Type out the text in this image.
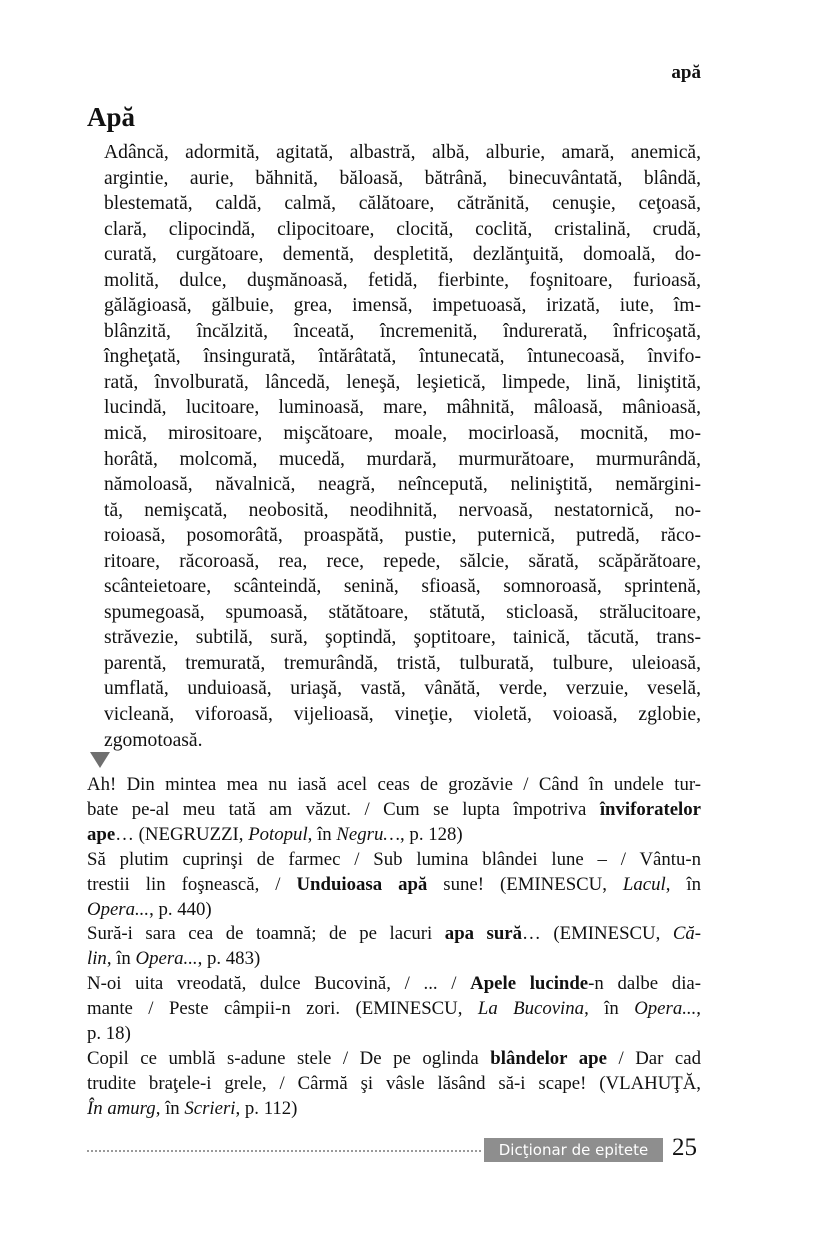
apă
Apă
Adâncă, adormită, agitată, albastră, albă, alburie, amară, anemică,
argintie, aurie, băhnită, băloasă, bătrână, binecuvântată, blândă,
blestemată, caldă, calmă, călătoare, cătrănită, cenuşie, ceţoasă,
clară, clipocindă, clipocitoare, clocită, coclită, cristalină, crudă,
curată, curgătoare, dementă, despletită, dezlănţuită, domoală, do-
molită, dulce, duşmănoasă, fetidă, fierbinte, foşnitoare, furioasă,
gălăgioasă, gălbuie, grea, imensă, impetuoasă, irizată, iute, îm-
blânzită, încălzită, înceată, încremenită, îndurerată, înfricoşată,
îngheţată, însingurată, întărâtată, întunecată, întunecoasă, învifo-
rată, învolburată, lâncedă, leneşă, leşietică, limpede, lină, liniştită,
lucindă, lucitoare, luminoasă, mare, mâhnită, mâloasă, mânioasă,
mică, mirositoare, mişcătoare, moale, mocirloasă, mocnită, mo-
horâtă, molcomă, mucedă, murdară, murmurătoare, murmurândă,
nămoloasă, năvalnică, neagră, neîncepută, neliniştită, nemărgini-
tă, nemişcată, neobosită, neodihnită, nervoasă, nestatornică, no-
roioasă, posomorâtă, proaspătă, pustie, puternică, putredă, răco-
ritoare, răcoroasă, rea, rece, repede, sălcie, sărată, scăpărătoare,
scânteietoare, scânteindă, senină, sfioasă, somnoroasă, sprintenă,
spumegoasă, spumoasă, stătătoare, stătută, sticloasă, strălucitoare,
străvezie, subtilă, sură, şoptindă, şoptitoare, tainică, tăcută, trans-
parentă, tremurată, tremurândă, tristă, tulburată, tulbure, uleioasă,
umflată, unduioasă, uriaşă, vastă, vânătă, verde, verzuie, veselă,
vicleană, viforoasă, vijelioasă, vineţie, violetă, voioasă, zglobie,
zgomotoasă.
Ah! Din mintea mea nu iasă acel ceas de grozăvie / Când în undele tur-
bate pe-al meu tată am văzut. / Cum se lupta împotriva înviforatelor
ape… (NEGRUZZI, Potopul, în Negru…, p. 128)
Să plutim cuprinşi de farmec / Sub lumina blândei lune – / Vântu-n
trestii lin foşnească, / Unduioasa apă sune! (EMINESCU, Lacul, în
Opera..., p. 440)
Sură-i sara cea de toamnă; de pe lacuri apa sură… (EMINESCU, Că-
lin, în Opera..., p. 483)
N-oi uita vreodată, dulce Bucovină, / ... / Apele lucinde-n dalbe dia-
mante / Peste câmpii-n zori. (EMINESCU, La Bucovina, în Opera...,
p. 18)
Copil ce umblă s-adune stele / De pe oglinda blândelor ape / Dar cad
trudite braţele-i grele, / Cârmă şi vâsle lăsând să-i scape! (VLAHUŢĂ,
În amurg, în Scrieri, p. 112)
Dicţionar de epitete 25
